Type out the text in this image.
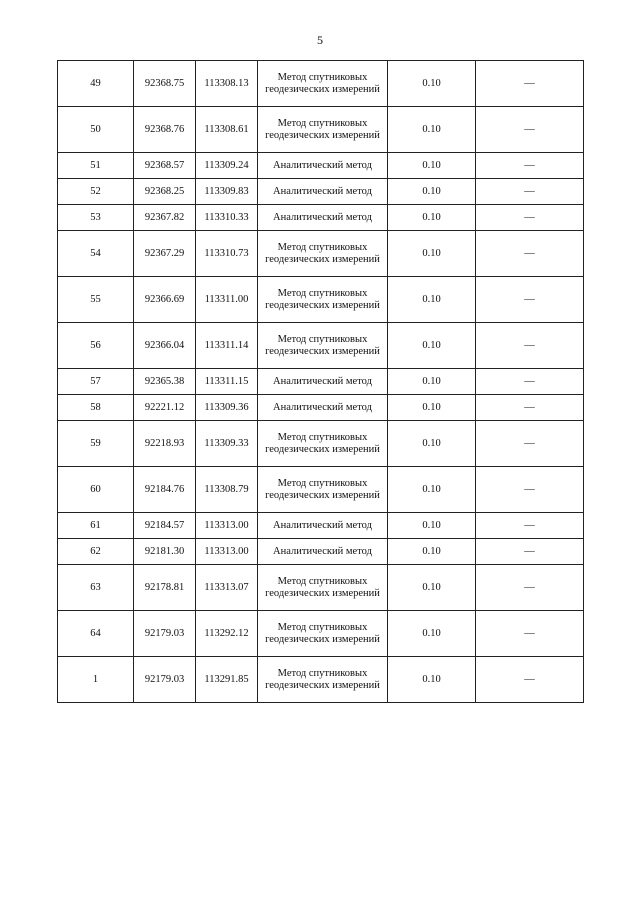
5
49	92368.75	113308.13	Метод спутниковых геодезических измерений	0.10	—
50	92368.76	113308.61	Метод спутниковых геодезических измерений	0.10	—
51	92368.57	113309.24	Аналитический метод	0.10	—
52	92368.25	113309.83	Аналитический метод	0.10	—
53	92367.82	113310.33	Аналитический метод	0.10	—
54	92367.29	113310.73	Метод спутниковых геодезических измерений	0.10	—
55	92366.69	113311.00	Метод спутниковых геодезических измерений	0.10	—
56	92366.04	113311.14	Метод спутниковых геодезических измерений	0.10	—
57	92365.38	113311.15	Аналитический метод	0.10	—
58	92221.12	113309.36	Аналитический метод	0.10	—
59	92218.93	113309.33	Метод спутниковых геодезических измерений	0.10	—
60	92184.76	113308.79	Метод спутниковых геодезических измерений	0.10	—
61	92184.57	113313.00	Аналитический метод	0.10	—
62	92181.30	113313.00	Аналитический метод	0.10	—
63	92178.81	113313.07	Метод спутниковых геодезических измерений	0.10	—
64	92179.03	113292.12	Метод спутниковых геодезических измерений	0.10	—
1	92179.03	113291.85	Метод спутниковых геодезических измерений	0.10	—
